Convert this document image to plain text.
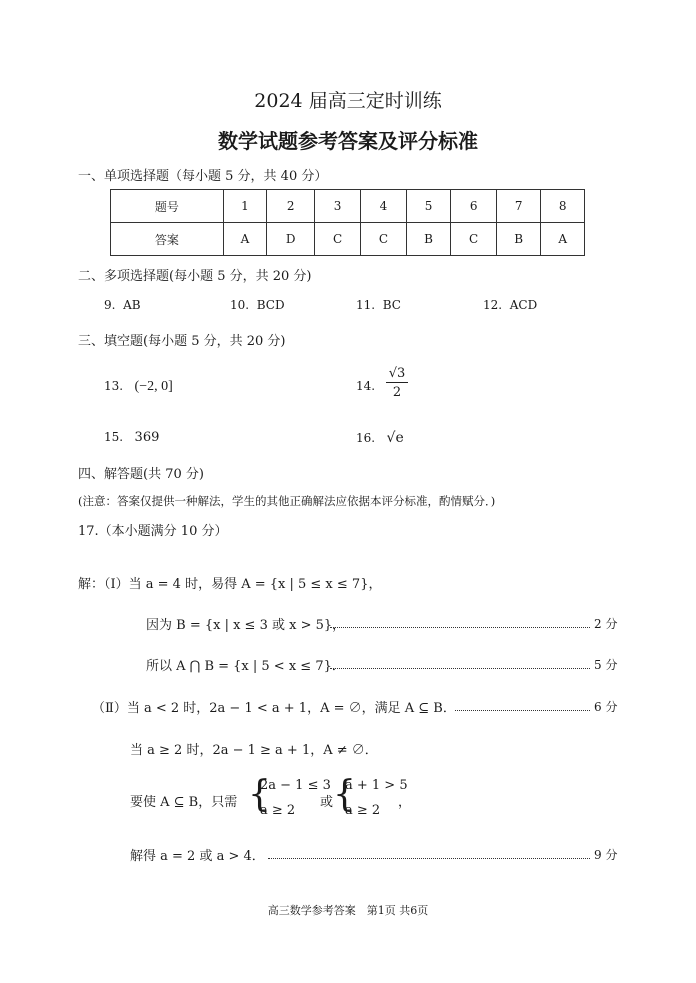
2024 届高三定时训练
数学试题参考答案及评分标准
一、单项选择题（每小题 5 分，共 40 分）
题号	1	2	3	4	5	6	7	8
答案	A	D	C	C	B	C	B	A
二、多项选择题(每小题 5 分，共 20 分)
9. AB	10. BCD	11. BC	12. ACD
三、填空题(每小题 5 分，共 20 分)
13. (−2, 0]	14. $\frac{√3}{2}$
15. 369	16. √e
四、解答题(共 70 分)
(注意：答案仅提供一种解法，学生的其他正确解法应依据本评分标准，酌情赋分．)
17.（本小题满分 10 分）
解：（Ⅰ）当 a = 4 时，易得 A = {x | 5 ≤ x ≤ 7}，
因为 B = {x | x ≤ 3 或 x > 5}，	2 分
所以 A ⋂ B = {x | 5 < x ≤ 7}．	5 分
（Ⅱ）当 a < 2 时，2a − 1 < a + 1，A = ∅，满足 A ⊆ B．	6 分
当 a ≥ 2 时，2a − 1 ≥ a + 1，A ≠ ∅．
要使 A ⊆ B，只需 {
2a − 1 ≤ 3
a ≥ 2
或 {
a + 1 > 5
a ≥ 2
，
解得 a = 2 或 a > 4．	9 分
高三数学参考答案　第1页 共6页
